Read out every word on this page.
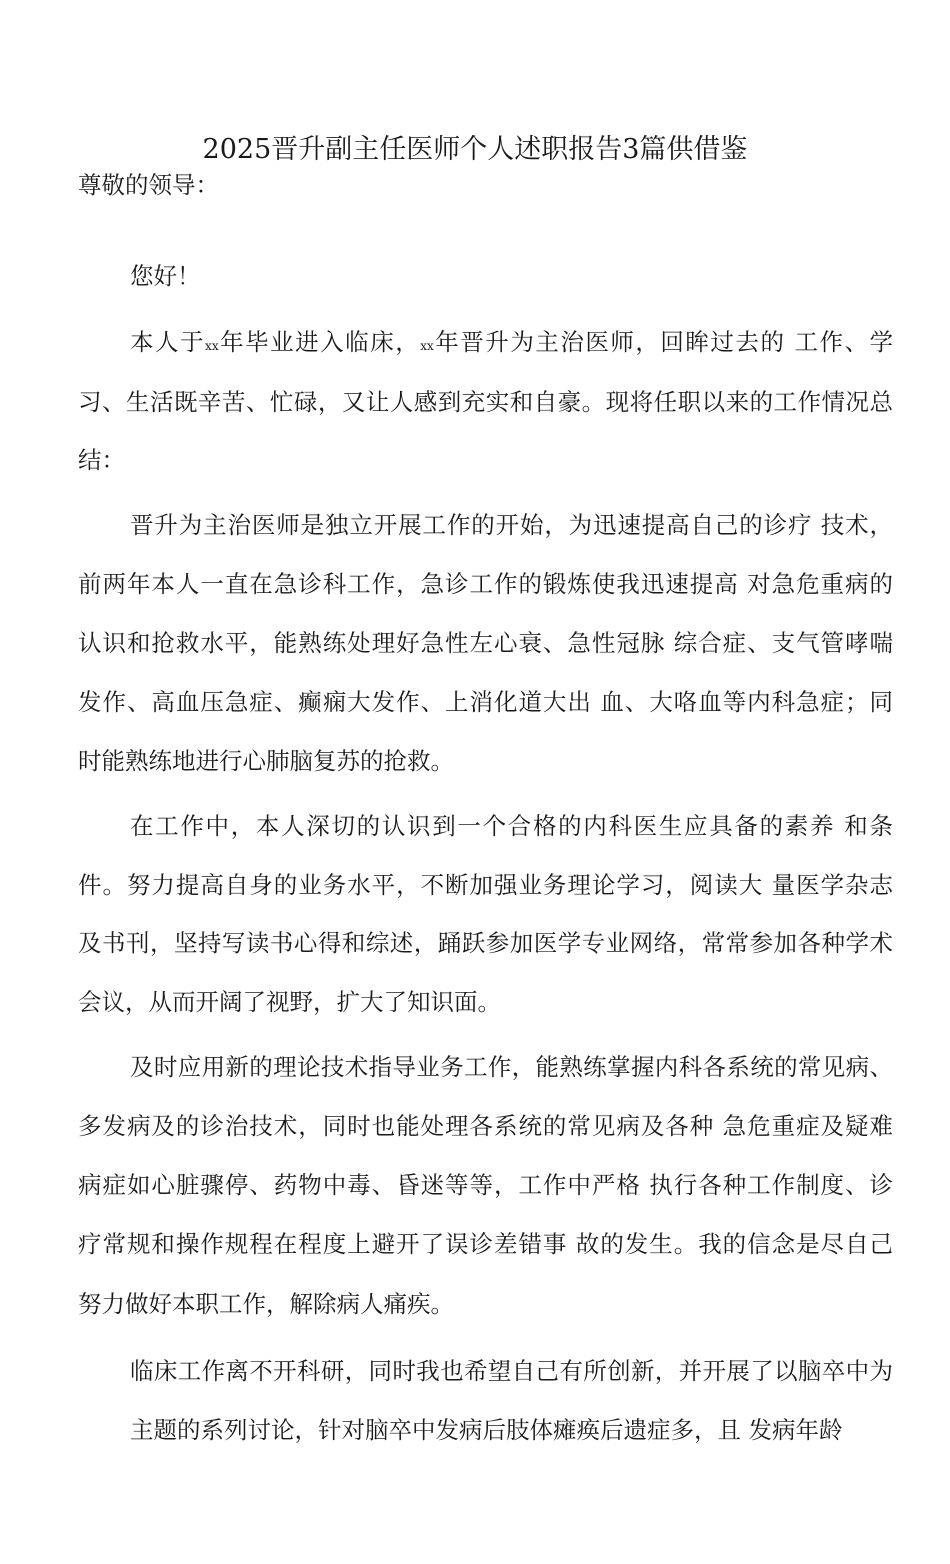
2025晋升副主任医师个人述职报告3篇供借鉴
尊敬的领导：
您好！
本人于xx年毕业进入临床，xx年晋升为主治医师，回眸过去的 工作、学
习、生活既辛苦、忙碌，又让人感到充实和自豪。现将任职以来的工作情况总
结：
晋升为主治医师是独立开展工作的开始，为迅速提高自己的诊疗 技术，
前两年本人一直在急诊科工作，急诊工作的锻炼使我迅速提高 对急危重病的
认识和抢救水平，能熟练处理好急性左心衰、急性冠脉 综合症、支气管哮喘
发作、高血压急症、癫痫大发作、上消化道大出 血、大咯血等内科急症；同
时能熟练地进行心肺脑复苏的抢救。
在工作中，本人深切的认识到一个合格的内科医生应具备的素养 和条
件。努力提高自身的业务水平，不断加强业务理论学习，阅读大 量医学杂志
及书刊，坚持写读书心得和综述，踊跃参加医学专业网络，常常参加各种学术
会议，从而开阔了视野，扩大了知识面。
及时应用新的理论技术指导业务工作，能熟练掌握内科各系统的常见病、
多发病及的诊治技术，同时也能处理各系统的常见病及各种 急危重症及疑难
病症如心脏骤停、药物中毒、昏迷等等，工作中严格 执行各种工作制度、诊
疗常规和操作规程在程度上避开了误诊差错事 故的发生。我的信念是尽自己
努力做好本职工作，解除病人痛疾。
临床工作离不开科研，同时我也希望自己有所创新，并开展了以脑卒中为
主题的系列讨论，针对脑卒中发病后肢体瘫痪后遗症多，且 发病年龄
